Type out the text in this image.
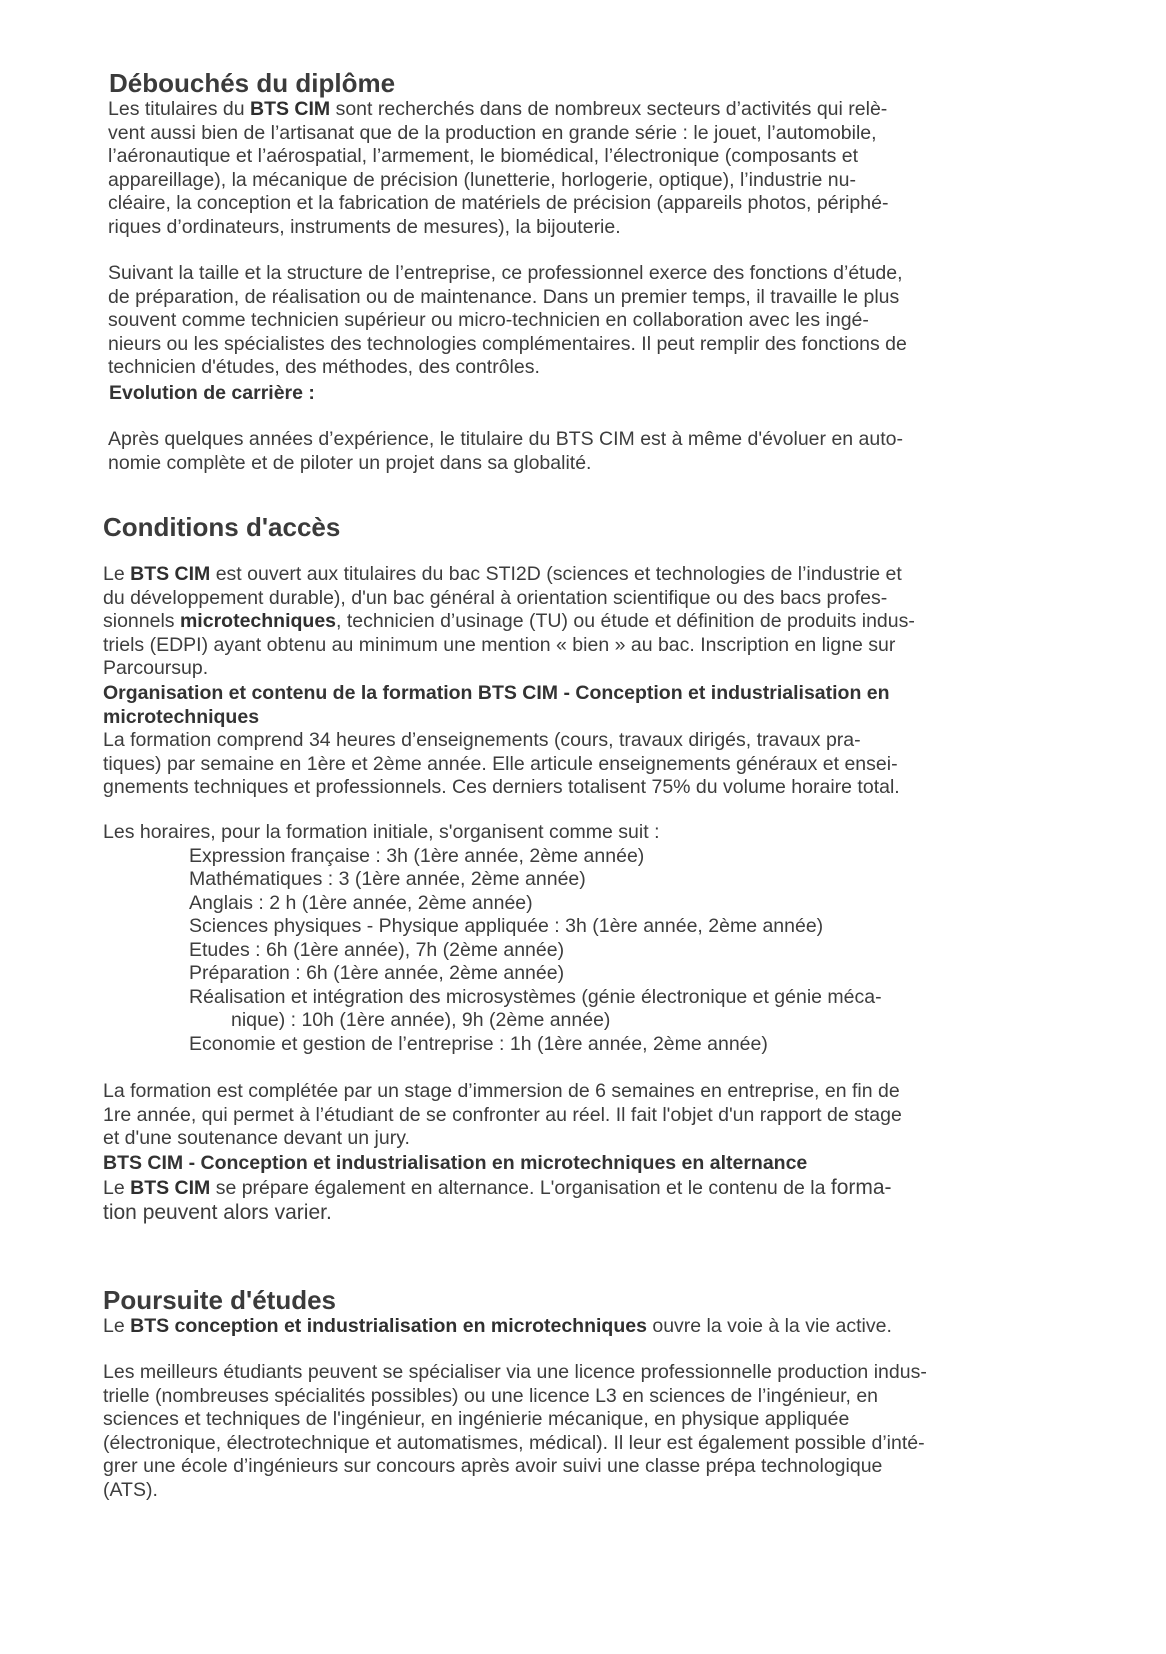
Débouchés du diplôme
Les titulaires du BTS CIM sont recherchés dans de nombreux secteurs d’activités qui relè-
vent aussi bien de l’artisanat que de la production en grande série : le jouet, l’automobile,
l’aéronautique et l’aérospatial, l’armement, le biomédical, l’électronique (composants et
appareillage), la mécanique de précision (lunetterie, horlogerie, optique), l’industrie nu-
cléaire, la conception et la fabrication de matériels de précision (appareils photos, périphé-
riques d’ordinateurs, instruments de mesures), la bijouterie.
Suivant la taille et la structure de l’entreprise, ce professionnel exerce des fonctions d’étude,
de préparation, de réalisation ou de maintenance. Dans un premier temps, il travaille le plus
souvent comme technicien supérieur ou micro-technicien en collaboration avec les ingé-
nieurs ou les spécialistes des technologies complémentaires. Il peut remplir des fonctions de
technicien d'études, des méthodes, des contrôles.
Evolution de carrière :
Après quelques années d’expérience, le titulaire du BTS CIM est à même d'évoluer en auto-
nomie complète et de piloter un projet dans sa globalité.
Conditions d'accès
Le BTS CIM est ouvert aux titulaires du bac STI2D (sciences et technologies de l’industrie et
du développement durable), d'un bac général à orientation scientifique ou des bacs profes-
sionnels microtechniques, technicien d’usinage (TU) ou étude et définition de produits indus-
triels (EDPI) ayant obtenu au minimum une mention « bien » au bac. Inscription en ligne sur
Parcoursup.
Organisation et contenu de la formation BTS CIM - Conception et industrialisation en
microtechniques
La formation comprend 34 heures d’enseignements (cours, travaux dirigés, travaux pra-
tiques) par semaine en 1ère et 2ème année. Elle articule enseignements généraux et ensei-
gnements techniques et professionnels. Ces derniers totalisent 75% du volume horaire total.
Les horaires, pour la formation initiale, s'organisent comme suit :
Expression française : 3h (1ère année, 2ème année)
Mathématiques : 3 (1ère année, 2ème année)
Anglais : 2 h (1ère année, 2ème année)
Sciences physiques - Physique appliquée : 3h (1ère année, 2ème année)
Etudes : 6h (1ère année), 7h (2ème année)
Préparation : 6h (1ère année, 2ème année)
Réalisation et intégration des microsystèmes (génie électronique et génie méca-
nique) : 10h (1ère année), 9h (2ème année)
Economie et gestion de l’entreprise : 1h (1ère année, 2ème année)
La formation est complétée par un stage d’immersion de 6 semaines en entreprise, en fin de
1re année, qui permet à l’étudiant de se confronter au réel. Il fait l'objet d'un rapport de stage
et d'une soutenance devant un jury.
BTS CIM - Conception et industrialisation en microtechniques en alternance
Le BTS CIM se prépare également en alternance. L'organisation et le contenu de la forma-
tion peuvent alors varier.
Poursuite d'études
Le BTS conception et industrialisation en microtechniques ouvre la voie à la vie active.
Les meilleurs étudiants peuvent se spécialiser via une licence professionnelle production indus-
trielle (nombreuses spécialités possibles) ou une licence L3 en sciences de l’ingénieur, en
sciences et techniques de l'ingénieur, en ingénierie mécanique, en physique appliquée
(électronique, électrotechnique et automatismes, médical). Il leur est également possible d’inté-
grer une école d’ingénieurs sur concours après avoir suivi une classe prépa technologique
(ATS).
